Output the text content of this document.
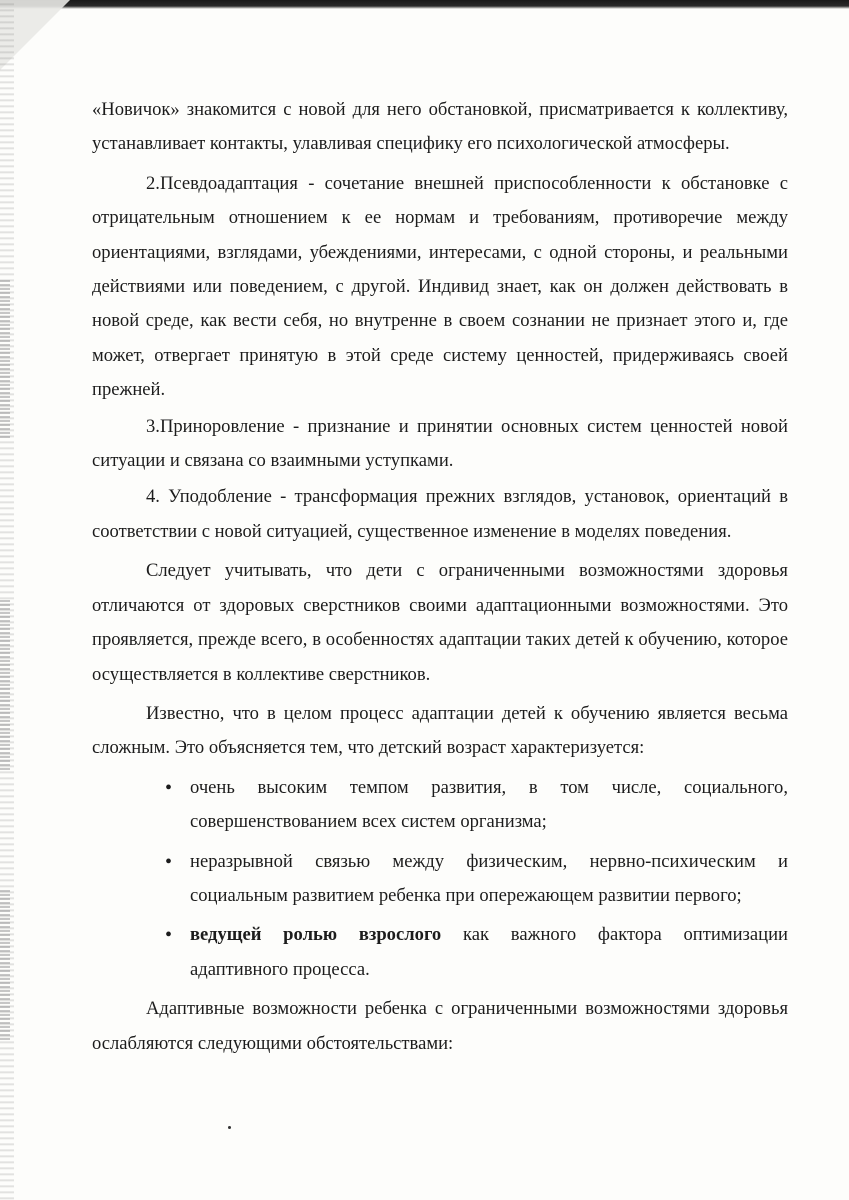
«Новичок» знакомится с новой для него обстановкой, присматривается к коллективу, устанавливает контакты, улавливая специфику его психологической атмосферы.

2.Псевдоадаптация - сочетание внешней приспособленности к обстановке с отрицательным отношением к ее нормам и требованиям, противоречие между ориентациями, взглядами, убеждениями, интересами, с одной стороны, и реальными действиями или поведением, с другой. Индивид знает, как он должен действовать в новой среде, как вести себя, но внутренне в своем сознании не признает этого и, где может, отвергает принятую в этой среде систему ценностей, придерживаясь своей прежней.

3.Приноровление - признание и принятии основных систем ценностей новой ситуации и связана со взаимными уступками.

4. Уподобление - трансформация прежних взглядов, установок, ориентаций в соответствии с новой ситуацией, существенное изменение в моделях поведения.

Следует учитывать, что дети с ограниченными возможностями здоровья отличаются от здоровых сверстников своими адаптационными возможностями. Это проявляется, прежде всего, в особенностях адаптации таких детей к обучению, которое осуществляется в коллективе сверстников.

Известно, что в целом процесс адаптации детей к обучению является весьма сложным. Это объясняется тем, что детский возраст характеризуется:

• очень высоким темпом развития, в том числе, социального, совершенствованием всех систем организма;
• неразрывной связью между физическим, нервно-психическим и социальным развитием ребенка при опережающем развитии первого;
• ведущей ролью взрослого как важного фактора оптимизации адаптивного процесса.

Адаптивные возможности ребенка с ограниченными возможностями здоровья ослабляются следующими обстоятельствами:
